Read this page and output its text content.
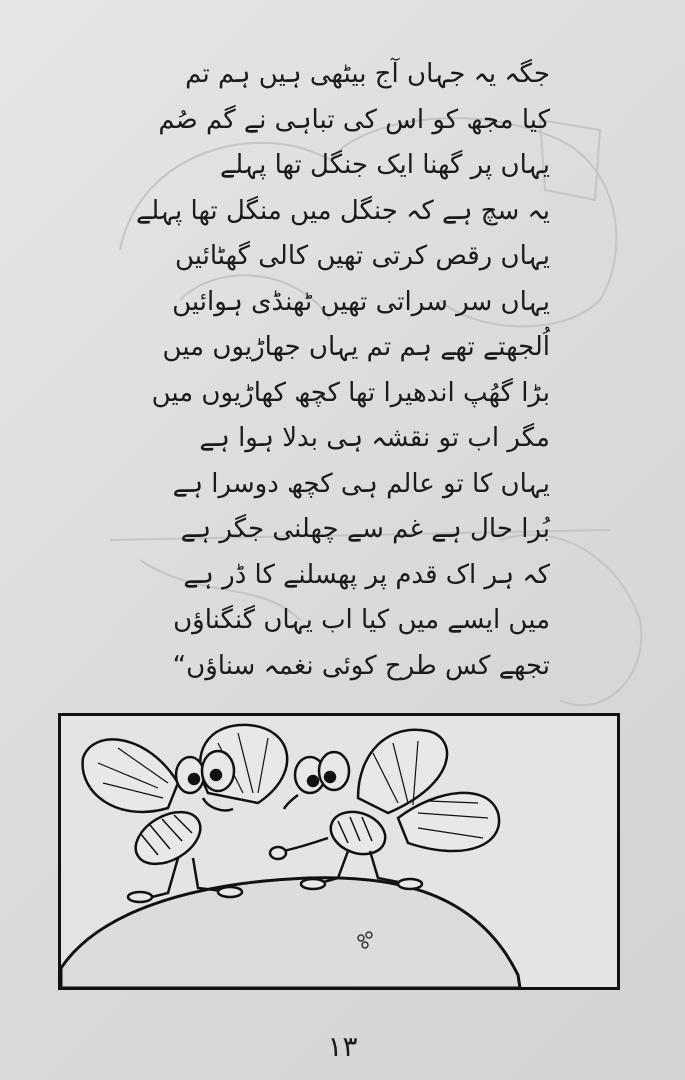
جگہ یہ جہاں آج بیٹھی ہیں ہم تم
کیا مجھ کو اس کی تباہی نے گم صُم
یہاں پر گھنا ایک جنگل تھا پہلے
یہ سچ ہے کہ جنگل میں منگل تھا پہلے
یہاں رقص کرتی تھیں کالی گھٹائیں
یہاں سر سراتی تھیں ٹھنڈی ہوائیں
اُلجھتے تھے ہم تم یہاں جھاڑیوں میں
بڑا گھُپ اندھیرا تھا کچھ کھاڑیوں میں
مگر اب تو نقشہ ہی بدلا ہوا ہے
یہاں کا تو عالم ہی کچھ دوسرا ہے
بُرا حال ہے غم سے چھلنی جگر ہے
کہ ہر اک قدم پر پھسلنے کا ڈر ہے
میں ایسے میں کیا اب یہاں گنگناؤں
تجھے کس طرح کوئی نغمہ سناؤں“
۱۳
